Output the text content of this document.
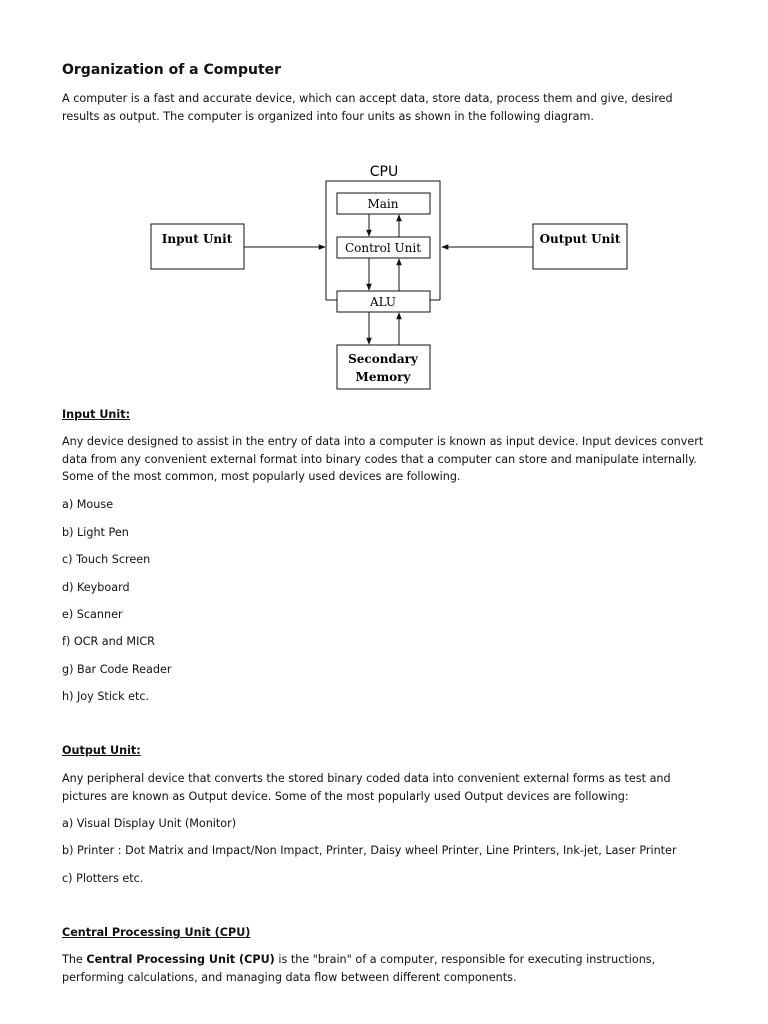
Organization of a Computer

A computer is a fast and accurate device, which can accept data, store data, process them and give, desired results as output. The computer is organized into four units as shown in the following diagram.

CPU
Main
Control Unit
ALU
Secondary
Memory
Input Unit	Output Unit

Input Unit:

Any device designed to assist in the entry of data into a computer is known as input device. Input devices convert data from any convenient external format into binary codes that a computer can store and manipulate internally. Some of the most common, most popularly used devices are following.

a) Mouse

b) Light Pen

c) Touch Screen

d) Keyboard

e) Scanner

f) OCR and MICR

g) Bar Code Reader

h) Joy Stick etc.

Output Unit:

Any peripheral device that converts the stored binary coded data into convenient external forms as test and pictures are known as Output device. Some of the most popularly used Output devices are following:

a) Visual Display Unit (Monitor)

b) Printer : Dot Matrix and Impact/Non Impact, Printer, Daisy wheel Printer, Line Printers, Ink-jet, Laser Printer

c) Plotters etc.

Central Processing Unit (CPU)

The Central Processing Unit (CPU) is the "brain" of a computer, responsible for executing instructions, performing calculations, and managing data flow between different components.
